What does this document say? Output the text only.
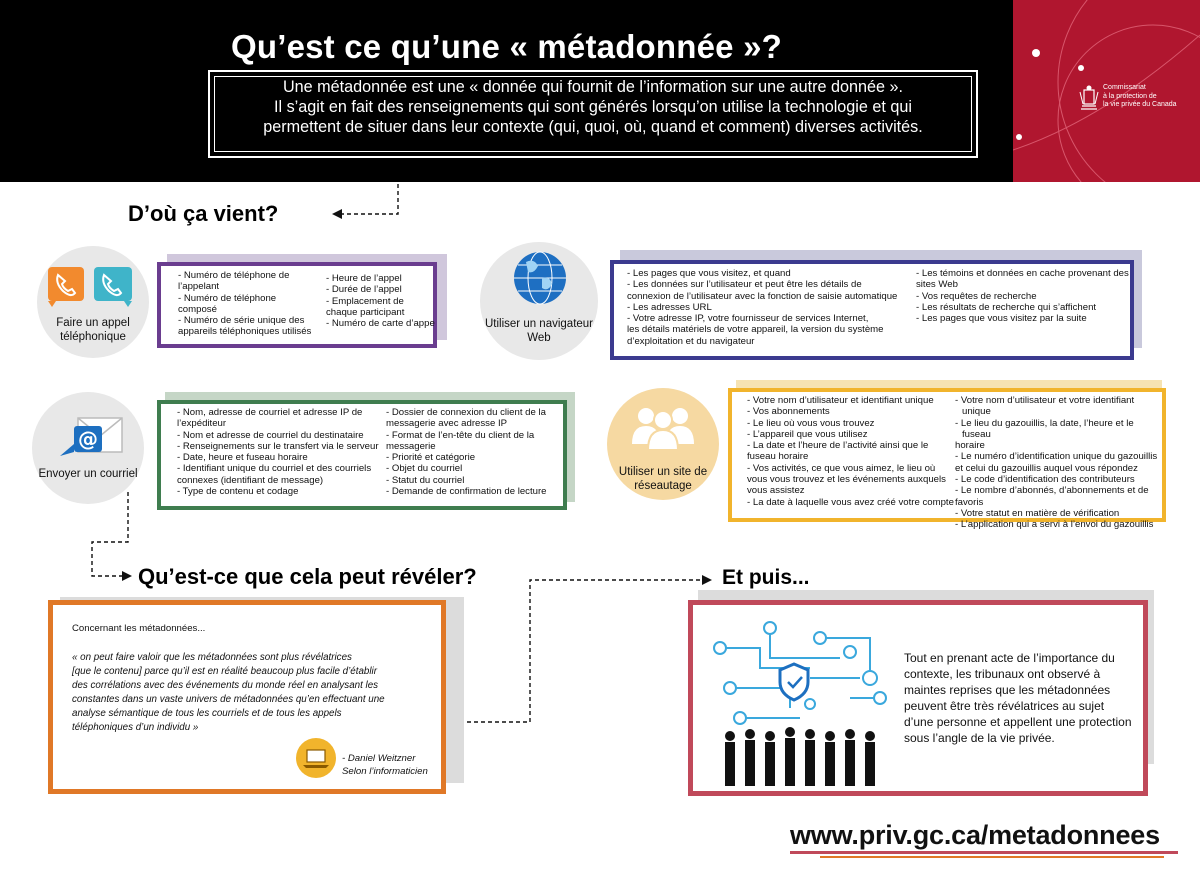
Qu’est ce qu’une « métadonnée »?
Une métadonnée est une « donnée qui fournit de l’information sur une autre donnée ».
Il s’agit en fait des renseignements qui sont générés lorsqu’on utilise la technologie et qui
permettent de situer dans leur contexte (qui, quoi, où, quand et comment) diverses activités.
Commissariat
à la protection de
la vie privée du Canada
D’où ça vient?
Faire un appel
téléphonique
- Numéro de téléphone de
l’appelant
- Numéro de téléphone
composé
- Numéro de série unique des
appareils téléphoniques utilisés
- Heure de l’appel
- Durée de l’appel
- Emplacement de
chaque participant
- Numéro de carte d’appe	Utiliser un navigateur
Web
- Les pages que vous visitez, et quand
- Les données sur l’utilisateur et peut être les détails de
connexion de l’utilisateur avec la fonction de saisie automatique
- Les adresses URL
- Votre adresse IP, votre fournisseur de services Internet,
les détails matériels de votre appareil, la version du système
d’exploitation et du navigateur
- Les témoins et données en cache provenant des
sites Web
- Vos requêtes de recherche
- Les résultats de recherche qui s’affichent
- Les pages que vous visitez par la suite
@
Envoyer un courriel
- Nom, adresse de courriel et adresse IP de
l’expéditeur
- Nom et adresse de courriel du destinataire
- Renseignements sur le transfert via le serveur
- Date, heure et fuseau horaire
- Identifiant unique du courriel et des courriels
connexes (identifiant de message)
- Type de contenu et codage
- Dossier de connexion du client de la
messagerie avec adresse IP
- Format de l’en-tête du client de la
messagerie
- Priorité et catégorie
- Objet du courriel
- Statut du courriel
- Demande de confirmation de lecture
Utiliser un site de
réseautage
- Votre nom d’utilisateur et identifiant unique
- Vos abonnements
- Le lieu où vous vous trouvez
- L’appareil que vous utilisez
- La date et l’heure de l’activité ainsi que le
fuseau horaire
- Vos activités, ce que vous aimez, le lieu où
vous vous trouvez et les événements auxquels
vous assistez
- La date à laquelle vous avez créé votre compte
- Votre nom d’utilisateur et votre identifiant unique
- Le lieu du gazouillis, la date, l’heure et le fuseau
horaire
- Le numéro d’identification unique du gazouillis
et celui du gazouillis auquel vous répondez
- Le code d’identification des contributeurs
- Le nombre d’abonnés, d’abonnements et de
favoris
- Votre statut en matière de vérification
- L’application qui a servi à l’envoi du gazouillis
Qu’est-ce que cela peut révéler?
Concernant les métadonnées...
« on peut faire valoir que les métadonnées sont plus révélatrices
[que le contenu] parce qu’il est en réalité beaucoup plus facile d’établir
des corrélations avec des événements du monde réel en analysant les
constantes dans un vaste univers de métadonnées qu’en effectuant une
analyse sémantique de tous les courriels et de tous les appels
téléphoniques d’un individu »
- Daniel Weitzner
Selon l’informaticien
Et puis...
Tout en prenant acte de l’importance du
contexte, les tribunaux ont observé à
maintes reprises que les métadonnées
peuvent être très révélatrices au sujet
d’une personne et appellent une protection
sous l’angle de la vie privée.
www.priv.gc.ca/metadonnees
